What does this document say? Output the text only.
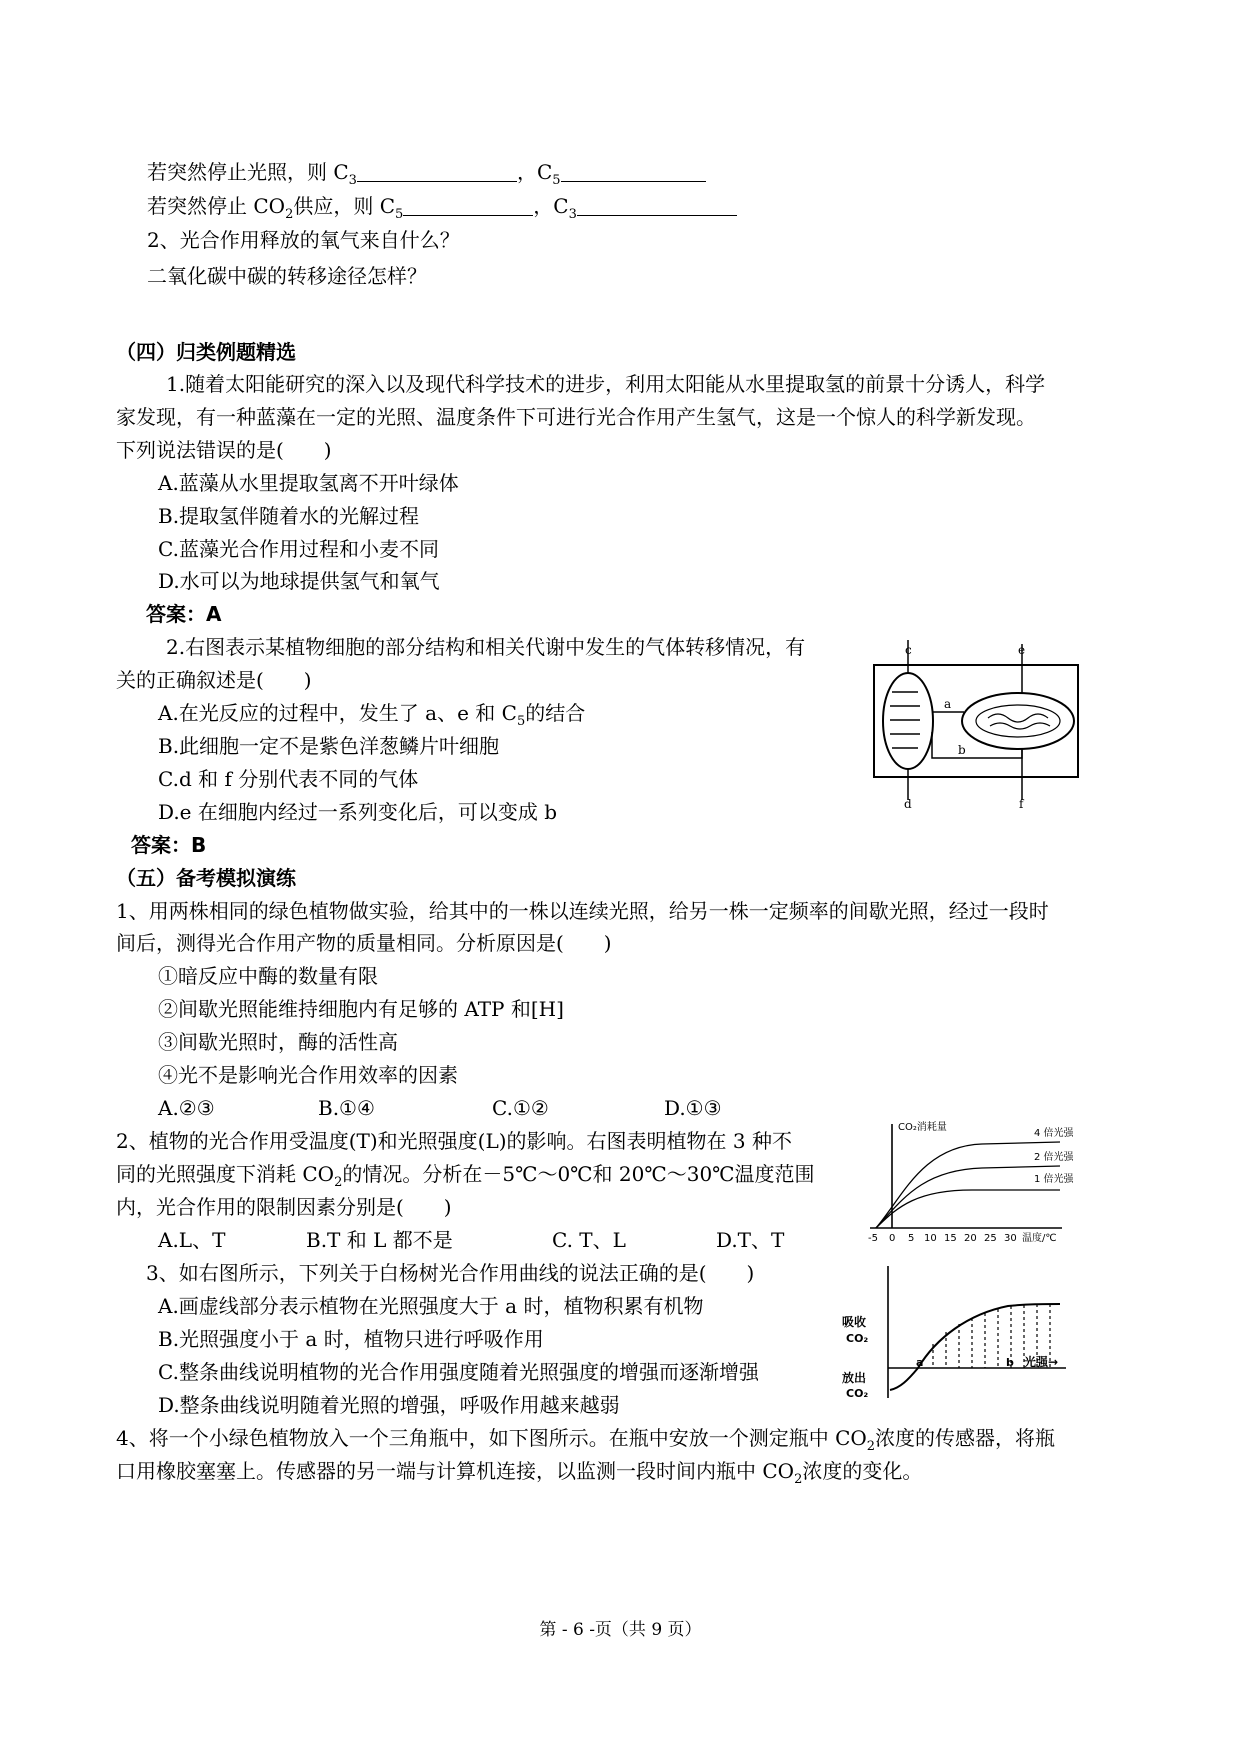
若突然停止光照，则 $C_3$	，$C_5$
若突然停止 $CO_2$供应，则 $C_5$	，$C_3$
2、光合作用释放的氧气来自什么？
二氧化碳中碳的转移途径怎样？
（四）归类例题精选
1.随着太阳能研究的深入以及现代科学技术的进步，利用太阳能从水里提取氢的前景十分诱人，科学
家发现，有一种蓝藻在一定的光照、温度条件下可进行光合作用产生氢气，这是一个惊人的科学新发现。
下列说法错误的是(　　)
A.蓝藻从水里提取氢离不开叶绿体
B.提取氢伴随着水的光解过程
C.蓝藻光合作用过程和小麦不同
D.水可以为地球提供氢气和氧气
答案：A
2.右图表示某植物细胞的部分结构和相关代谢中发生的气体转移情况，有
关的正确叙述是(　　)
A.在光反应的过程中，发生了 a、e 和 $C_5$的结合
B.此细胞一定不是紫色洋葱鳞片叶细胞
C.d 和 f 分别代表不同的气体
D.e 在细胞内经过一系列变化后，可以变成 b
答案：B
c	e
a
b
d	f
（五）备考模拟演练
1、用两株相同的绿色植物做实验，给其中的一株以连续光照，给另一株一定频率的间歇光照，经过一段时
间后，测得光合作用产物的质量相同。分析原因是(　　)
①暗反应中酶的数量有限
②间歇光照能维持细胞内有足够的 ATP 和[H]
③间歇光照时，酶的活性高
④光不是影响光合作用效率的因素
A.②③	B.①④	C.①②	D.①③
2、植物的光合作用受温度(T)和光照强度(L)的影响。右图表明植物在 3 种不
同的光照强度下消耗 $CO_2$的情况。分析在－5℃～0℃和 20℃～30℃温度范围
内，光合作用的限制因素分别是(　　)
A.L、T	B.T 和 L 都不是	C. T、L	D.T、T
CO₂消耗量
4 倍光强
2 倍光强
1 倍光强
-5 0 5 10 15 20 25 30 温度/℃
3、如右图所示，下列关于白杨树光合作用曲线的说法正确的是(　　)
A.画虚线部分表示植物在光照强度大于 a 时，植物积累有机物
B.光照强度小于 a 时，植物只进行呼吸作用
C.整条曲线说明植物的光合作用强度随着光照强度的增强而逐渐增强
D.整条曲线说明随着光照的增强，呼吸作用越来越弱
吸收
CO₂
放出
CO₂
a	b 光强→
4、将一个小绿色植物放入一个三角瓶中，如下图所示。在瓶中安放一个测定瓶中 $CO_2$浓度的传感器，将瓶
口用橡胶塞塞上。传感器的另一端与计算机连接，以监测一段时间内瓶中 $CO_2$浓度的变化。
第 - 6 -页（共 9 页）
